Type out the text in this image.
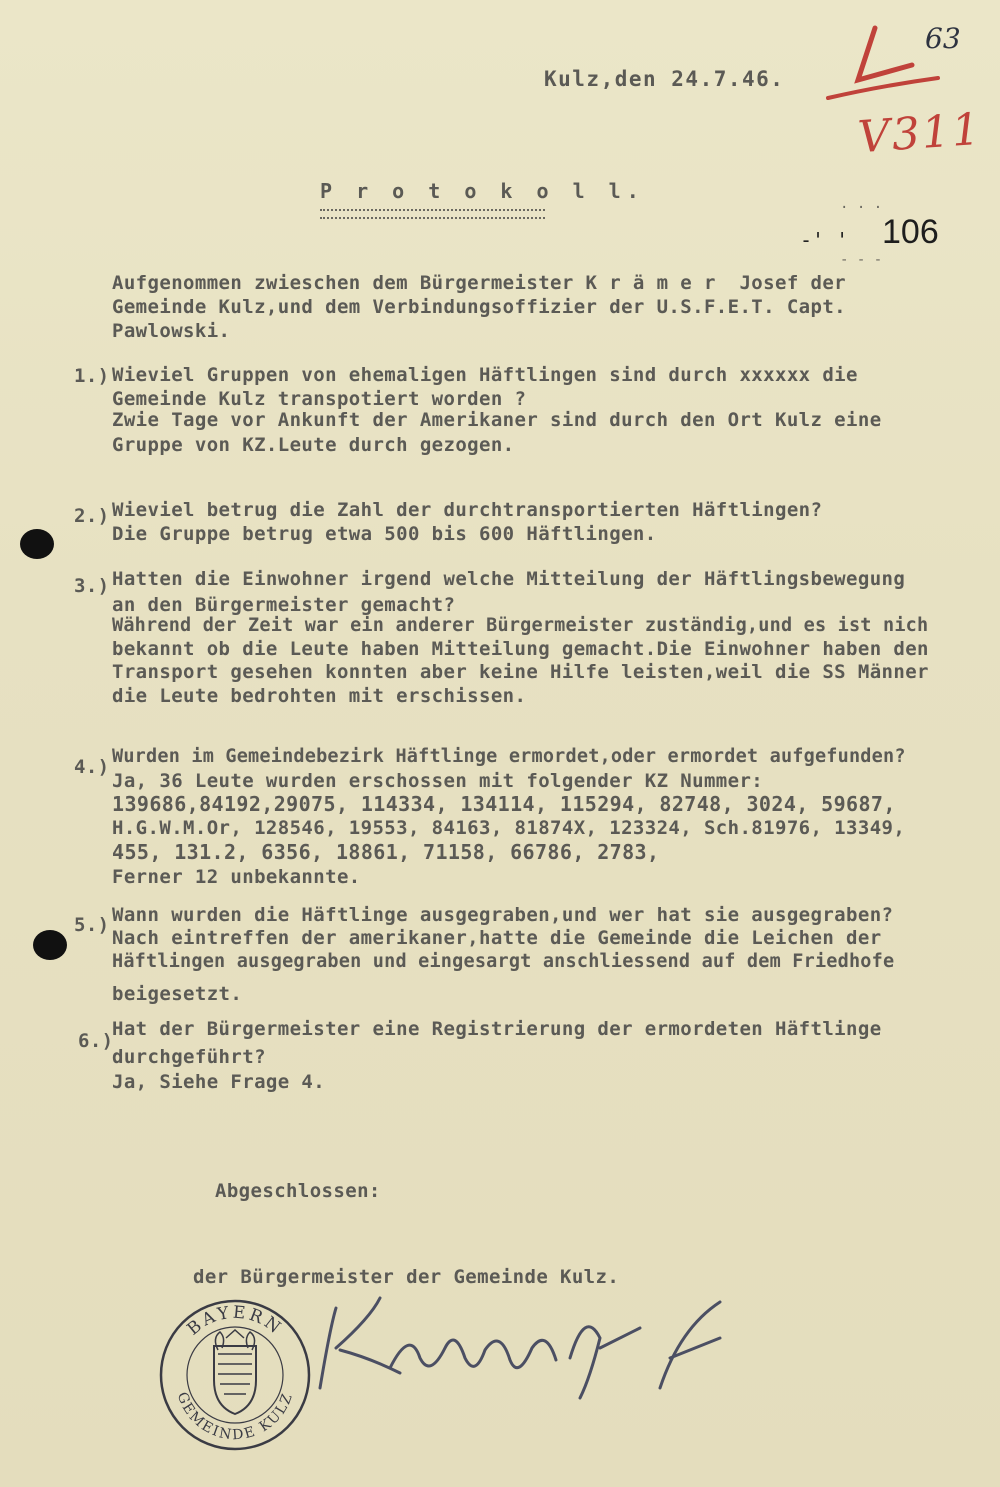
V311
63
Kulz,den 24.7.46.
P r o t o k o l l.
. . .
-' '
- - -
106
Aufgenommen zwieschen dem Bürgermeister K r ä m e r  Josef der
Gemeinde Kulz,und dem Verbindungsoffizier der U.S.F.E.T. Capt.
Pawlowski.
1.) Wieviel Gruppen von ehemaligen Häftlingen sind durch xxxxxx die
Gemeinde Kulz transpotiert worden ?
Zwie Tage vor Ankunft der Amerikaner sind durch den Ort Kulz eine
Gruppe von KZ.Leute durch gezogen.
2.) Wieviel betrug die Zahl der durchtransportierten Häftlingen?
Die Gruppe betrug etwa 500 bis 600 Häftlingen.
3.) Hatten die Einwohner irgend welche Mitteilung der Häftlingsbewegung
an den Bürgermeister gemacht?
Während der Zeit war ein anderer Bürgermeister zuständig,und es ist nich
bekannt ob die Leute haben Mitteilung gemacht.Die Einwohner haben den
Transport gesehen konnten aber keine Hilfe leisten,weil die SS Männer
die Leute bedrohten mit erschissen.
4.) Wurden im Gemeindebezirk Häftlinge ermordet,oder ermordet aufgefunden?
Ja, 36 Leute wurden erschossen mit folgender KZ Nummer:
139686,84192,29075, 114334, 134114, 115294, 82748, 3024, 59687,
H.G.W.M.Or, 128546, 19553, 84163, 81874X, 123324, Sch.81976, 13349,
455, 131.2, 6356, 18861, 71158, 66786, 2783,
Ferner 12 unbekannte.
5.) Wann wurden die Häftlinge ausgegraben,und wer hat sie ausgegraben?
Nach eintreffen der amerikaner,hatte die Gemeinde die Leichen der
Häftlingen ausgegraben und eingesargt anschliessend auf dem Friedhofe
beigesetzt.
6.)
Hat der Bürgermeister eine Registrierung der ermordeten Häftlinge
durchgeführt?
Ja, Siehe Frage 4.
Abgeschlossen:
der Bürgermeister der Gemeinde Kulz.
BAYERN
GEMEINDE KULZ
